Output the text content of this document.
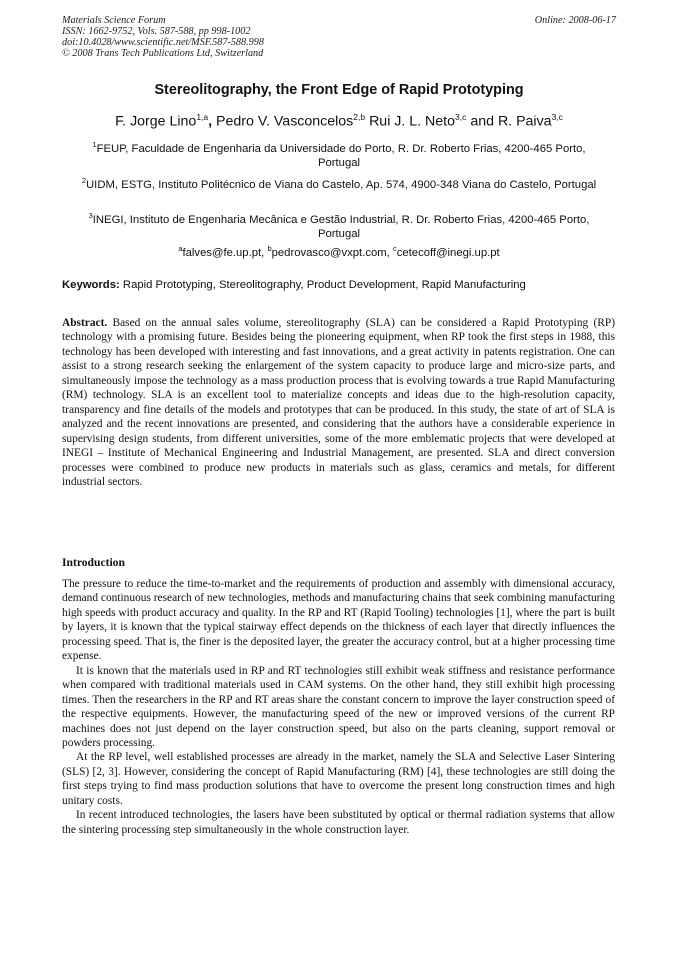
Materials Science Forum
ISSN: 1662-9752, Vols. 587-588, pp 998-1002
doi:10.4028/www.scientific.net/MSF.587-588.998
© 2008 Trans Tech Publications Ltd, Switzerland
Online: 2008-06-17
Stereolitography, the Front Edge of Rapid Prototyping
F. Jorge Lino$^{1,a}$, Pedro V. Vasconcelos$^{2,b}$ Rui J. L. Neto$^{3,c}$ and R. Paiva$^{3,c}$
$^1$FEUP, Faculdade de Engenharia da Universidade do Porto, R. Dr. Roberto Frias, 4200-465 Porto, Portugal
$^2$UIDM, ESTG, Instituto Politécnico de Viana do Castelo, Ap. 574, 4900-348 Viana do Castelo, Portugal
$^3$INEGI, Instituto de Engenharia Mecânica e Gestão Industrial, R. Dr. Roberto Frias, 4200-465 Porto, Portugal
$^a$falves@fe.up.pt, $^b$pedrovasco@vxpt.com, $^c$cetecoff@inegi.up.pt
Keywords: Rapid Prototyping, Stereolitography, Product Development, Rapid Manufacturing
Abstract. Based on the annual sales volume, stereolitography (SLA) can be considered a Rapid Prototyping (RP) technology with a promising future. Besides being the pioneering equipment, when RP took the first steps in 1988, this technology has been developed with interesting and fast innovations, and a great activity in patents registration. One can assist to a strong research seeking the enlargement of the system capacity to produce large and micro-size parts, and simultaneously impose the technology as a mass production process that is evolving towards a true Rapid Manufacturing (RM) technology. SLA is an excellent tool to materialize concepts and ideas due to the high-resolution capacity, transparency and fine details of the models and prototypes that can be produced. In this study, the state of art of SLA is analyzed and the recent innovations are presented, and considering that the authors have a considerable experience in supervising design students, from different universities, some of the more emblematic projects that were developed at INEGI – Institute of Mechanical Engineering and Industrial Management, are presented. SLA and direct conversion processes were combined to produce new products in materials such as glass, ceramics and metals, for different industrial sectors.
Introduction

The pressure to reduce the time-to-market and the requirements of production and assembly with dimensional accuracy, demand continuous research of new technologies, methods and manufacturing chains that seek combining manufacturing high speeds with product accuracy and quality. In the RP and RT (Rapid Tooling) technologies [1], where the part is built by layers, it is known that the typical stairway effect depends on the thickness of each layer that directly influences the processing speed. That is, the finer is the deposited layer, the greater the accuracy control, but at a higher processing time expense.

It is known that the materials used in RP and RT technologies still exhibit weak stiffness and resistance performance when compared with traditional materials used in CAM systems. On the other hand, they still exhibit high processing times. Then the researchers in the RP and RT areas share the constant concern to improve the layer construction speed of the respective equipments. However, the manufacturing speed of the new or improved versions of the current RP machines does not just depend on the layer construction speed, but also on the parts cleaning, support removal or powders processing.

At the RP level, well established processes are already in the market, namely the SLA and Selective Laser Sintering (SLS) [2, 3]. However, considering the concept of Rapid Manufacturing (RM) [4], these technologies are still doing the first steps trying to find mass production solutions that have to overcome the present long construction times and high unitary costs.

In recent introduced technologies, the lasers have been substituted by optical or thermal radiation systems that allow the sintering processing step simultaneously in the whole construction layer.
